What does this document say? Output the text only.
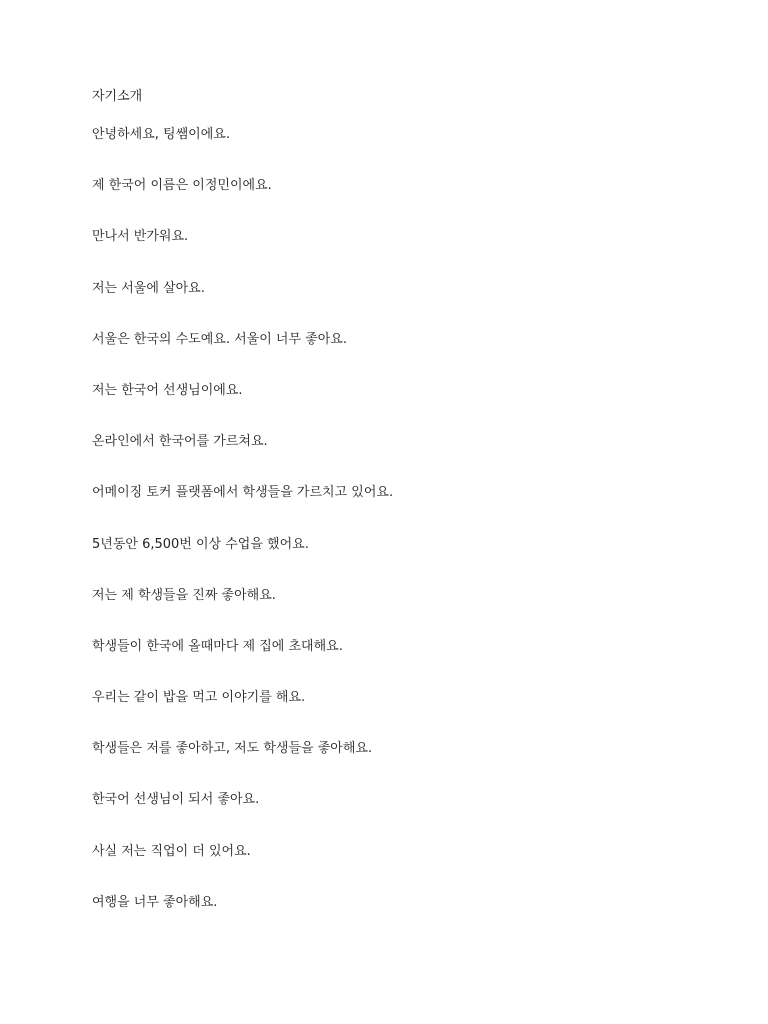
자기소개
안녕하세요, 팅쌤이에요.
제 한국어 이름은 이정민이에요.
만나서 반가워요.
저는 서울에 살아요.
서울은 한국의 수도예요. 서울이 너무 좋아요.
저는 한국어 선생님이에요.
온라인에서 한국어를 가르쳐요.
어메이징 토커 플랫폼에서 학생들을 가르치고 있어요.
5년동안 6,500번 이상 수업을 했어요.
저는 제 학생들을 진짜 좋아해요.
학생들이 한국에 올때마다 제 집에 초대해요.
우리는 같이 밥을 먹고 이야기를 해요.
학생들은 저를 좋아하고, 저도 학생들을 좋아해요.
한국어 선생님이 되서 좋아요.
사실 저는 직업이 더 있어요.
여행을 너무 좋아해요.
